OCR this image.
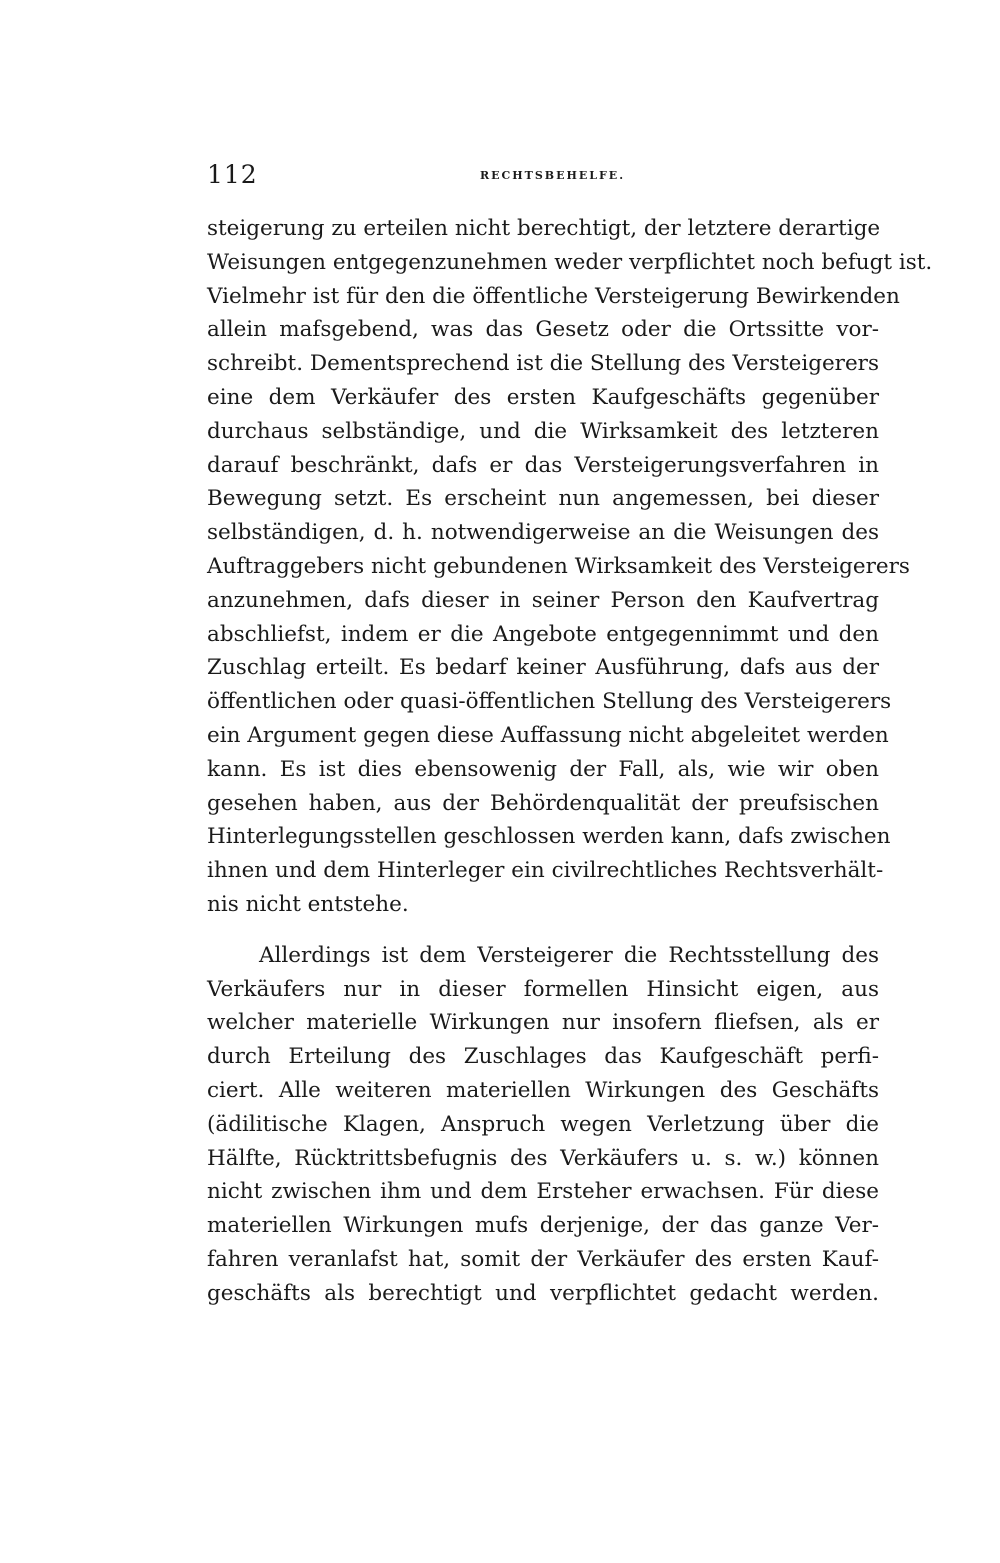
112	RECHTSBEHELFE.
steigerung zu erteilen nicht berechtigt, der letztere derartige
Weisungen entgegenzunehmen weder verpflichtet noch befugt ist.
Vielmehr ist für den die öffentliche Versteigerung Bewirkenden
allein mafsgebend, was das Gesetz oder die Ortssitte vor-
schreibt. Dementsprechend ist die Stellung des Versteigerers
eine dem Verkäufer des ersten Kaufgeschäfts gegenüber
durchaus selbständige, und die Wirksamkeit des letzteren
darauf beschränkt, dafs er das Versteigerungsverfahren in
Bewegung setzt. Es erscheint nun angemessen, bei dieser
selbständigen, d. h. notwendigerweise an die Weisungen des
Auftraggebers nicht gebundenen Wirksamkeit des Versteigerers
anzunehmen, dafs dieser in seiner Person den Kaufvertrag
abschliefst, indem er die Angebote entgegennimmt und den
Zuschlag erteilt. Es bedarf keiner Ausführung, dafs aus der
öffentlichen oder quasi-öffentlichen Stellung des Versteigerers
ein Argument gegen diese Auffassung nicht abgeleitet werden
kann. Es ist dies ebensowenig der Fall, als, wie wir oben
gesehen haben, aus der Behördenqualität der preufsischen
Hinterlegungsstellen geschlossen werden kann, dafs zwischen
ihnen und dem Hinterleger ein civilrechtliches Rechtsverhält-
nis nicht entstehe.
Allerdings ist dem Versteigerer die Rechtsstellung des
Verkäufers nur in dieser formellen Hinsicht eigen, aus
welcher materielle Wirkungen nur insofern fliefsen, als er
durch Erteilung des Zuschlages das Kaufgeschäft perfi-
ciert. Alle weiteren materiellen Wirkungen des Geschäfts
(ädilitische Klagen, Anspruch wegen Verletzung über die
Hälfte, Rücktrittsbefugnis des Verkäufers u. s. w.) können
nicht zwischen ihm und dem Ersteher erwachsen. Für diese
materiellen Wirkungen mufs derjenige, der das ganze Ver-
fahren veranlafst hat, somit der Verkäufer des ersten Kauf-
geschäfts als berechtigt und verpflichtet gedacht werden.
